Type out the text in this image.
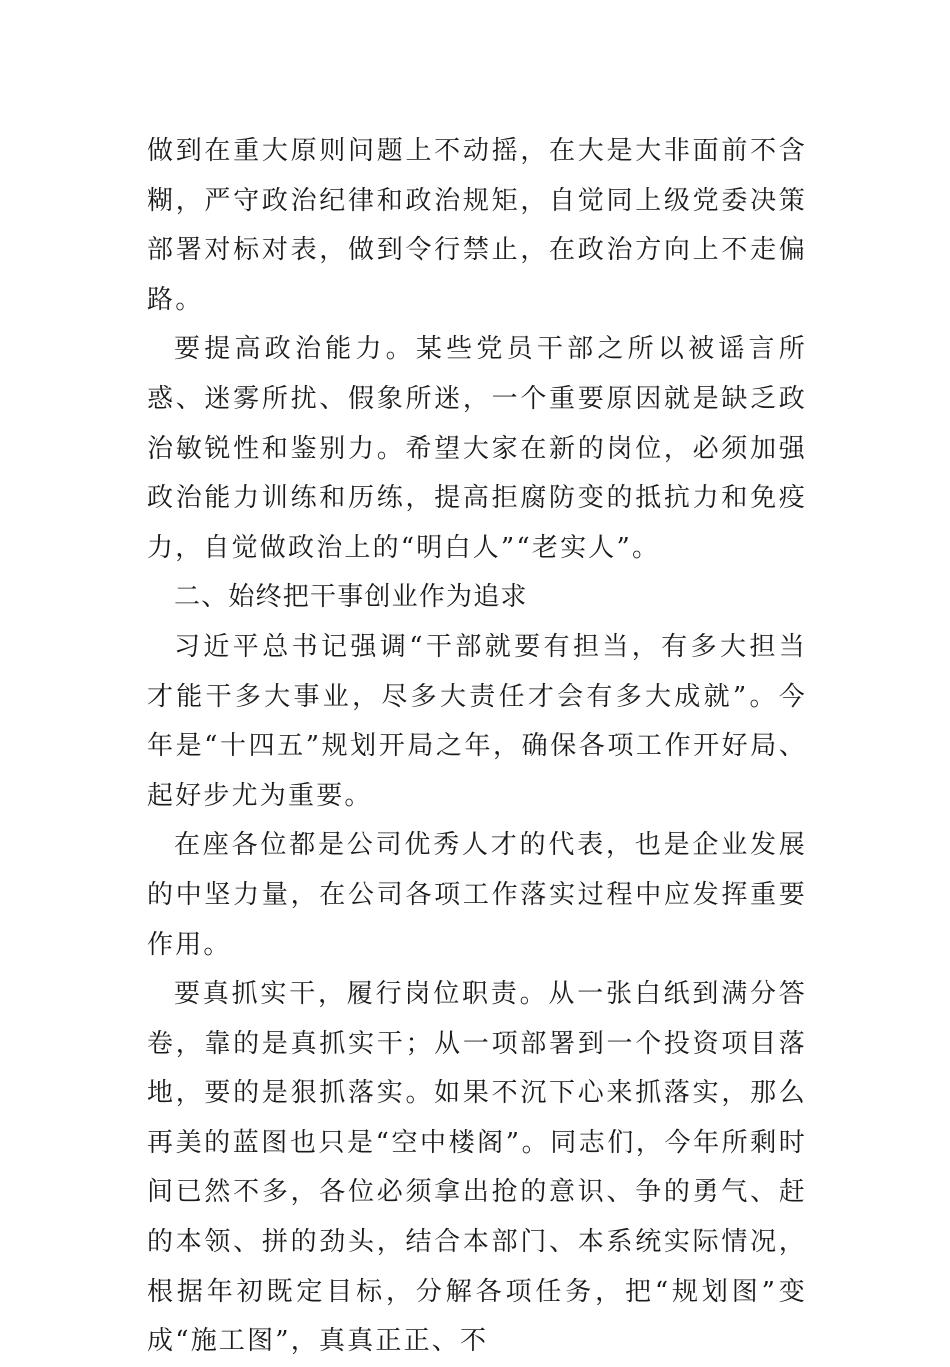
做到在重大原则问题上不动摇，在大是大非面前不含糊，严守政治纪律和政治规矩，自觉同上级党委决策部署对标对表，做到令行禁止，在政治方向上不走偏路。

要提高政治能力。某些党员干部之所以被谣言所惑、迷雾所扰、假象所迷，一个重要原因就是缺乏政治敏锐性和鉴别力。希望大家在新的岗位，必须加强政治能力训练和历练，提高拒腐防变的抵抗力和免疫力，自觉做政治上的“明白人”“老实人”。

二、始终把干事创业作为追求

习近平总书记强调“干部就要有担当，有多大担当才能干多大事业，尽多大责任才会有多大成就”。今年是“十四五”规划开局之年，确保各项工作开好局、起好步尤为重要。

在座各位都是公司优秀人才的代表，也是企业发展的中坚力量，在公司各项工作落实过程中应发挥重要作用。

要真抓实干，履行岗位职责。从一张白纸到满分答卷，靠的是真抓实干；从一项部署到一个投资项目落地，要的是狠抓落实。如果不沉下心来抓落实，那么再美的蓝图也只是“空中楼阁”。同志们，今年所剩时间已然不多，各位必须拿出抢的意识、争的勇气、赶的本领、拼的劲头，结合本部门、本系统实际情况，根据年初既定目标，分解各项任务，把“规划图”变成“施工图”，真真正正、不
